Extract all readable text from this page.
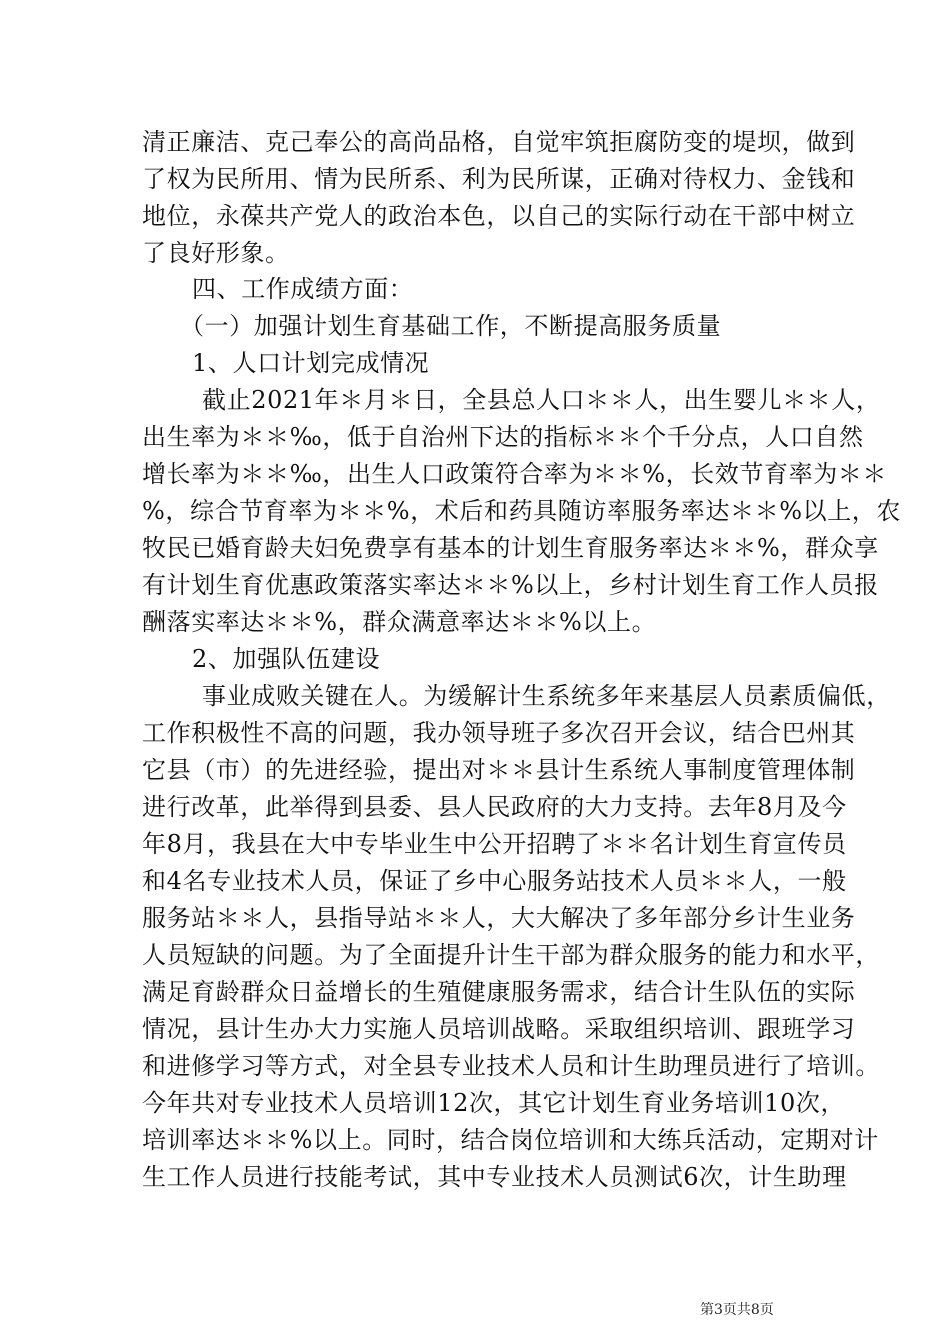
清正廉洁、克己奉公的高尚品格，自觉牢筑拒腐防变的堤坝，做到
了权为民所用、情为民所系、利为民所谋，正确对待权力、金钱和
地位，永葆共产党人的政治本色，以自己的实际行动在干部中树立
了良好形象。
四、工作成绩方面：
（一）加强计划生育基础工作，不断提高服务质量
1、人口计划完成情况
截止2021年＊月＊日，全县总人口＊＊人，出生婴儿＊＊人，
出生率为＊＊‰，低于自治州下达的指标＊＊个千分点，人口自然
增长率为＊＊‰，出生人口政策符合率为＊＊%，长效节育率为＊＊
%，综合节育率为＊＊%，术后和药具随访率服务率达＊＊%以上，农
牧民已婚育龄夫妇免费享有基本的计划生育服务率达＊＊%，群众享
有计划生育优惠政策落实率达＊＊%以上，乡村计划生育工作人员报
酬落实率达＊＊%，群众满意率达＊＊%以上。
2、加强队伍建设
事业成败关键在人。为缓解计生系统多年来基层人员素质偏低，
工作积极性不高的问题，我办领导班子多次召开会议，结合巴州其
它县（市）的先进经验，提出对＊＊县计生系统人事制度管理体制
进行改革，此举得到县委、县人民政府的大力支持。去年8月及今
年8月，我县在大中专毕业生中公开招聘了＊＊名计划生育宣传员
和4名专业技术人员，保证了乡中心服务站技术人员＊＊人，一般
服务站＊＊人，县指导站＊＊人，大大解决了多年部分乡计生业务
人员短缺的问题。为了全面提升计生干部为群众服务的能力和水平，
满足育龄群众日益增长的生殖健康服务需求，结合计生队伍的实际
情况，县计生办大力实施人员培训战略。采取组织培训、跟班学习
和进修学习等方式，对全县专业技术人员和计生助理员进行了培训。
今年共对专业技术人员培训12次，其它计划生育业务培训10次，
培训率达＊＊%以上。同时，结合岗位培训和大练兵活动，定期对计
生工作人员进行技能考试，其中专业技术人员测试6次，计生助理
第3页共8页
